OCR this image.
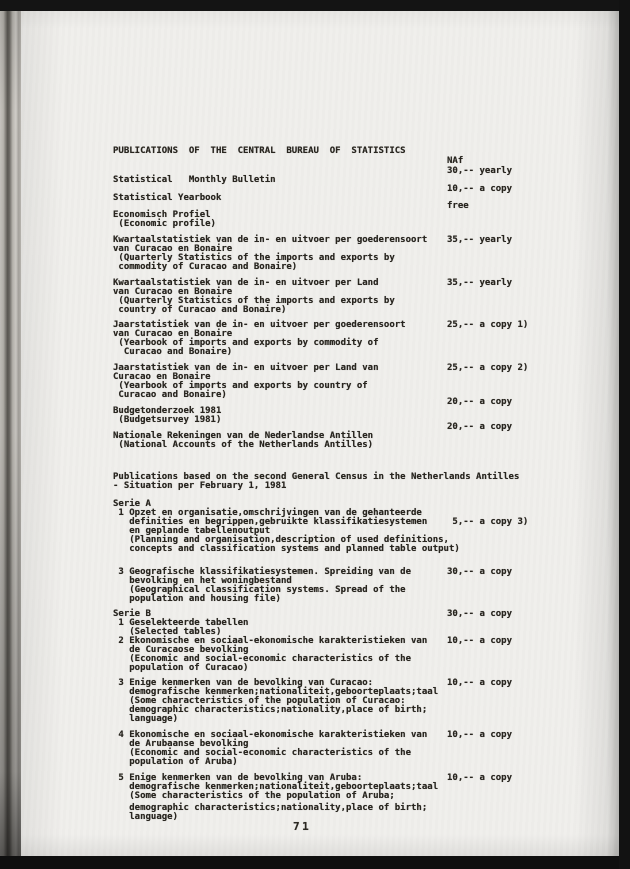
PUBLICATIONS  OF  THE  CENTRAL  BUREAU  OF  STATISTICS
NAf
Statistical   Monthly Bulletin
30,-- yearly
Statistical Yearbook
10,-- a copy
Economisch Profiel
free
(Economic profile)
Kwartaalstatistiek van de in- en uitvoer per goederensoort
van Curacao en Bonaire
35,-- yearly
(Quarterly Statistics of the imports and exports by
commodity of Curacao and Bonaire)
Kwartaalstatistiek van de in- en uitvoer per Land
van Curacao en Bonaire
35,-- yearly
(Quarterly Statistics of the imports and exports by
country of Curacao and Bonaire)
Jaarstatistiek van de in- en uitvoer per goederensoort
van Curacao en Bonaire
25,-- a copy 1)
(Yearbook of imports and exports by commodity of
Curacao and Bonaire)
Jaarstatistiek van de in- en uitvoer per Land van
Curacao en Bonaire
25,-- a copy 2)
(Yearbook of imports and exports by country of
Curacao and Bonaire)
Budgetonderzoek 1981
20,-- a copy
(Budgetsurvey 1981)
Nationale Rekeningen van de Nederlandse Antillen
20,-- a copy
(National Accounts of the Netherlands Antilles)
Publications based on the second General Census in the Netherlands Antilles
- Situation per February 1, 1981
Serie A
1 Opzet en organisatie,omschrijvingen van de gehanteerde
definities en begrippen,gebruikte klassifikatiesystemen
en geplande tabellenoutput
5,-- a copy 3)
(Planning and organisation,description of used definitions,
concepts and classification systems and planned table output)
3 Geografische klassifikatiesystemen. Spreiding van de
bevolking en het woningbestand
30,-- a copy
(Geographical classification systems. Spread of the
population and housing file)
Serie B
1 Geselekteerde tabellen
30,-- a copy
(Selected tables)
2 Ekonomische en sociaal-ekonomische karakteristieken van
de Curacaose bevolking
10,-- a copy
(Economic and social-economic characteristics of the
population of Curacao)
3 Enige kenmerken van de bevolking van Curacao:
demografische kenmerken;nationaliteit,geboorteplaats;taal
10,-- a copy
(Some characteristics of the population of Curacao:
demographic characteristics;nationality,place of birth;
language)
4 Ekonomische en sociaal-ekonomische karakteristieken van
de Arubaanse bevolking
10,-- a copy
(Economic and social-economic characteristics of the
population of Aruba)
5 Enige kenmerken van de bevolking van Aruba:
demografische kenmerken;nationaliteit,geboorteplaats;taal
10,-- a copy
(Some characteristics of the population of Aruba;
demographic characteristics;nationality,place of birth;
language)
71
